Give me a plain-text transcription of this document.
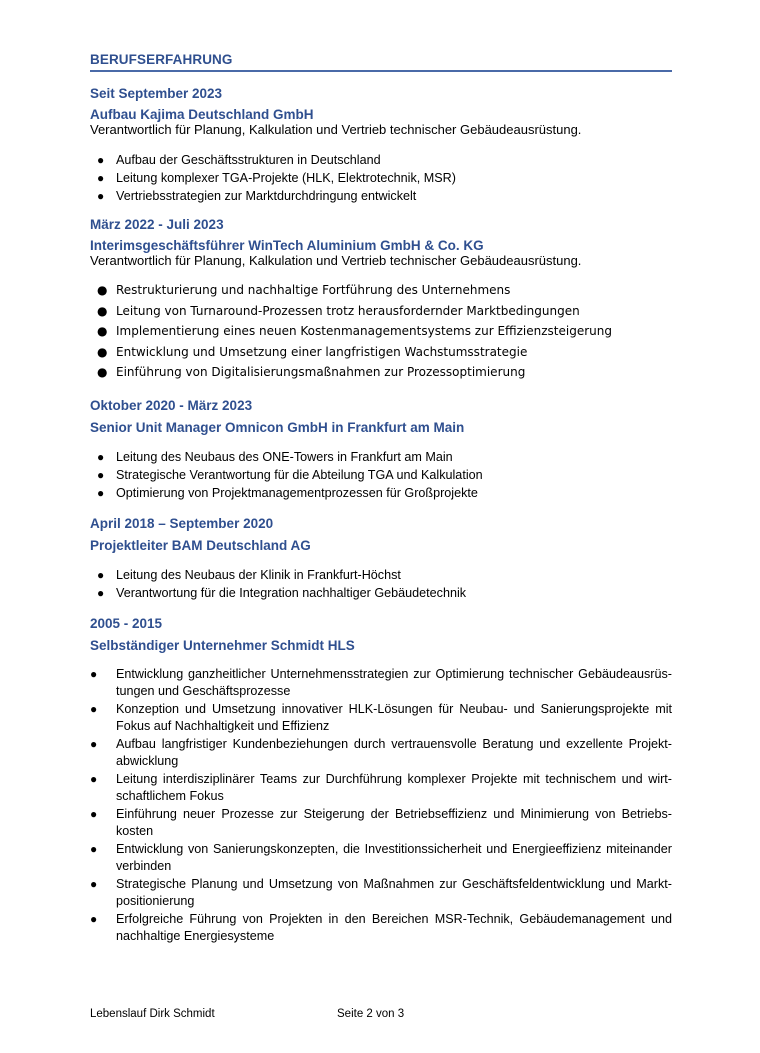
BERUFSERFAHRUNG
Seit September 2023
Aufbau Kajima Deutschland GmbH
Verantwortlich für Planung, Kalkulation und Vertrieb technischer Gebäudeausrüstung.
● Aufbau der Geschäftsstrukturen in Deutschland
● Leitung komplexer TGA-Projekte (HLK, Elektrotechnik, MSR)
● Vertriebsstrategien zur Marktdurchdringung entwickelt
März 2022 - Juli 2023
Interimsgeschäftsführer WinTech Aluminium GmbH & Co. KG
Verantwortlich für Planung, Kalkulation und Vertrieb technischer Gebäudeausrüstung.
● Restrukturierung und nachhaltige Fortführung des Unternehmens
● Leitung von Turnaround-Prozessen trotz herausfordernder Marktbedingungen
● Implementierung eines neuen Kostenmanagementsystems zur Effizienzsteigerung
● Entwicklung und Umsetzung einer langfristigen Wachstumsstrategie
● Einführung von Digitalisierungsmaßnahmen zur Prozessoptimierung
Oktober 2020 - März 2023
Senior Unit Manager Omnicon GmbH in Frankfurt am Main
● Leitung des Neubaus des ONE-Towers in Frankfurt am Main
● Strategische Verantwortung für die Abteilung TGA und Kalkulation
● Optimierung von Projektmanagementprozessen für Großprojekte
April 2018 – September 2020
Projektleiter BAM Deutschland AG
● Leitung des Neubaus der Klinik in Frankfurt-Höchst
● Verantwortung für die Integration nachhaltiger Gebäudetechnik
2005 - 2015
Selbständiger Unternehmer Schmidt HLS
● Entwicklung ganzheitlicher Unternehmensstrategien zur Optimierung technischer Gebäudeausrüs-tungen und Geschäftsprozesse
● Konzeption und Umsetzung innovativer HLK-Lösungen für Neubau- und Sanierungsprojekte mit Fokus auf Nachhaltigkeit und Effizienz
● Aufbau langfristiger Kundenbeziehungen durch vertrauensvolle Beratung und exzellente Projekt-abwicklung
● Leitung interdisziplinärer Teams zur Durchführung komplexer Projekte mit technischem und wirt-schaftlichem Fokus
● Einführung neuer Prozesse zur Steigerung der Betriebseffizienz und Minimierung von Betriebs-kosten
● Entwicklung von Sanierungskonzepten, die Investitionssicherheit und Energieeffizienz miteinander verbinden
● Strategische Planung und Umsetzung von Maßnahmen zur Geschäftsfeldentwicklung und Markt-positionierung
● Erfolgreiche Führung von Projekten in den Bereichen MSR-Technik, Gebäudemanagement und nachhaltige Energiesysteme
Lebenslauf Dirk Schmidt	Seite 2 von 3
